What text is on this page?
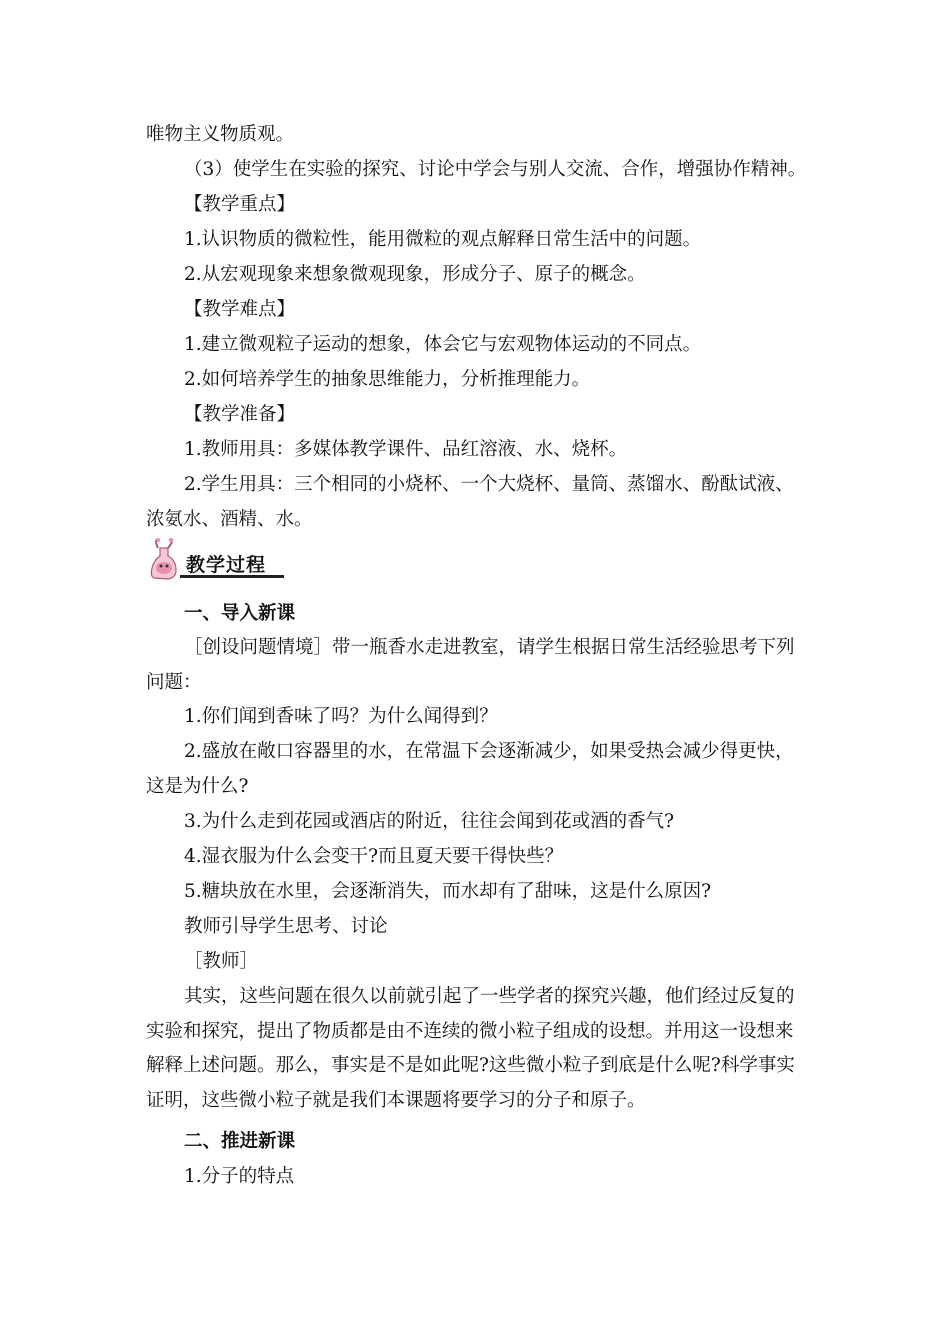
唯物主义物质观。

（3）使学生在实验的探究、讨论中学会与别人交流、合作，增强协作精神。

【教学重点】

1.认识物质的微粒性，能用微粒的观点解释日常生活中的问题。

2.从宏观现象来想象微观现象，形成分子、原子的概念。

【教学难点】

1.建立微观粒子运动的想象，体会它与宏观物体运动的不同点。

2.如何培养学生的抽象思维能力，分析推理能力。

【教学准备】

1.教师用具：多媒体教学课件、品红溶液、水、烧杯。

2.学生用具：三个相同的小烧杯、一个大烧杯、量筒、蒸馏水、酚酞试液、浓氨水、酒精、水。

教学过程

一、导入新课

［创设问题情境］带一瓶香水走进教室，请学生根据日常生活经验思考下列问题：

1.你们闻到香味了吗？为什么闻得到？

2.盛放在敞口容器里的水，在常温下会逐渐减少，如果受热会减少得更快，这是为什么?

3.为什么走到花园或酒店的附近，往往会闻到花或酒的香气?

4.湿衣服为什么会变干?而且夏天要干得快些？

5.糖块放在水里，会逐渐消失，而水却有了甜味，这是什么原因?

教师引导学生思考、讨论

［教师］

其实，这些问题在很久以前就引起了一些学者的探究兴趣，他们经过反复的实验和探究，提出了物质都是由不连续的微小粒子组成的设想。并用这一设想来解释上述问题。那么，事实是不是如此呢?这些微小粒子到底是什么呢?科学事实证明，这些微小粒子就是我们本课题将要学习的分子和原子。

二、推进新课

1.分子的特点
